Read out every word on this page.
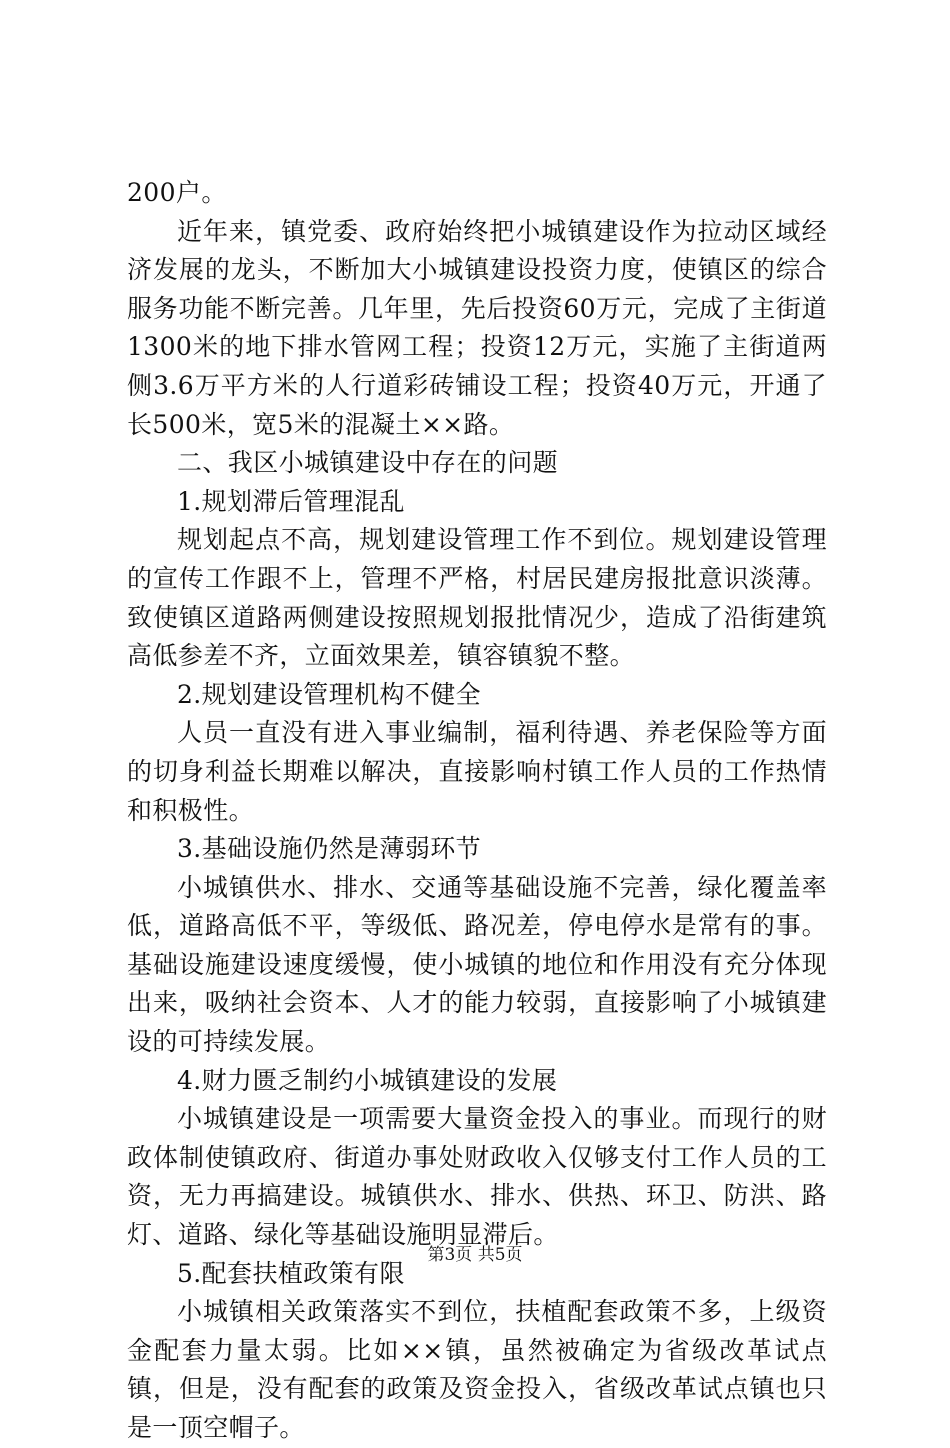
200户。

近年来，镇党委、政府始终把小城镇建设作为拉动区域经济发展的龙头，不断加大小城镇建设投资力度，使镇区的综合服务功能不断完善。几年里，先后投资60万元，完成了主街道1300米的地下排水管网工程；投资12万元，实施了主街道两侧3.6万平方米的人行道彩砖铺设工程；投资40万元，开通了长500米，宽5米的混凝土××路。

二、我区小城镇建设中存在的问题

1.规划滞后管理混乱

规划起点不高，规划建设管理工作不到位。规划建设管理的宣传工作跟不上，管理不严格，村居民建房报批意识淡薄。致使镇区道路两侧建设按照规划报批情况少，造成了沿街建筑高低参差不齐，立面效果差，镇容镇貌不整。

2.规划建设管理机构不健全

人员一直没有进入事业编制，福利待遇、养老保险等方面的切身利益长期难以解决，直接影响村镇工作人员的工作热情和积极性。

3.基础设施仍然是薄弱环节

小城镇供水、排水、交通等基础设施不完善，绿化覆盖率低，道路高低不平，等级低、路况差，停电停水是常有的事。基础设施建设速度缓慢，使小城镇的地位和作用没有充分体现出来，吸纳社会资本、人才的能力较弱，直接影响了小城镇建设的可持续发展。

4.财力匮乏制约小城镇建设的发展

小城镇建设是一项需要大量资金投入的事业。而现行的财政体制使镇政府、街道办事处财政收入仅够支付工作人员的工资，无力再搞建设。城镇供水、排水、供热、环卫、防洪、路灯、道路、绿化等基础设施明显滞后。

5.配套扶植政策有限

小城镇相关政策落实不到位，扶植配套政策不多，上级资金配套力量太弱。比如××镇，虽然被确定为省级改革试点镇，但是，没有配套的政策及资金投入，省级改革试点镇也只是一顶空帽子。

第3页 共5页
